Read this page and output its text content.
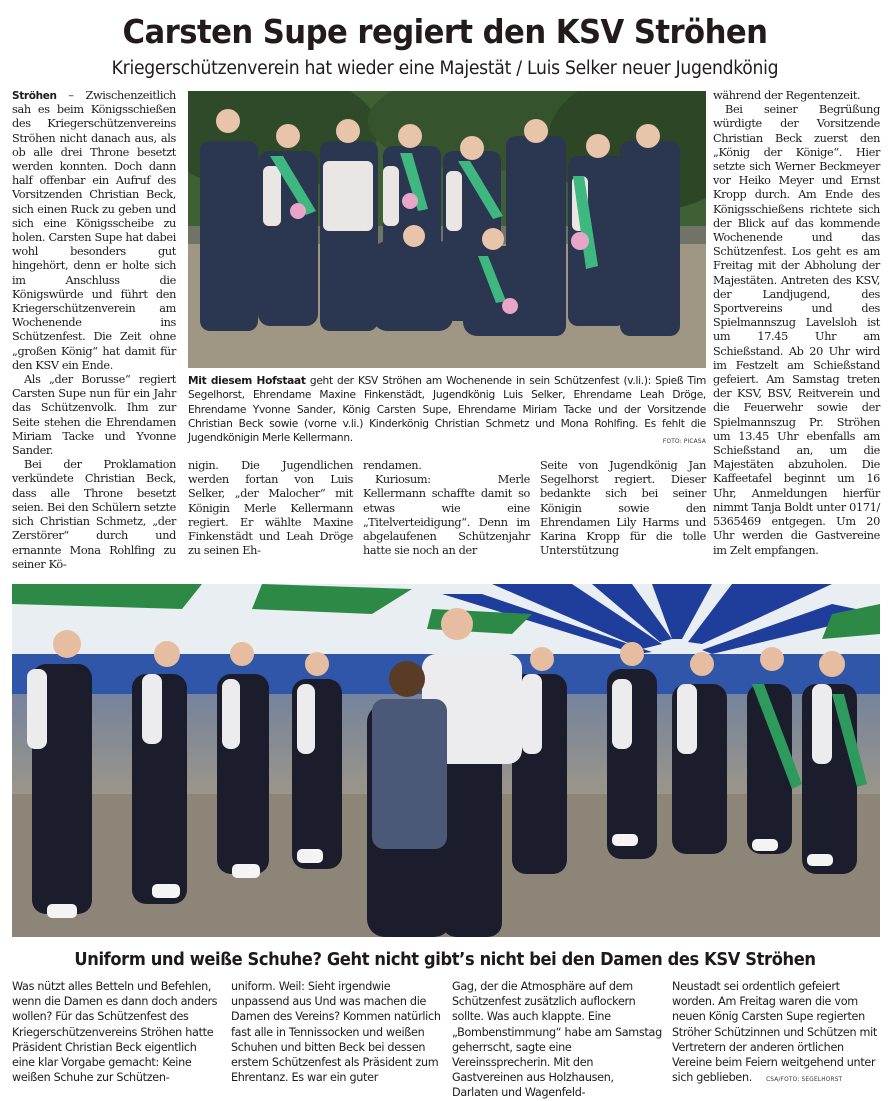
Carsten Supe regiert den KSV Ströhen
Kriegerschützenverein hat wieder eine Majestät / Luis Selker neuer Jugendkönig

Ströhen – Zwischenzeitlich sah es beim Königsschießen des Kriegerschützenvereins Ströhen nicht danach aus, als ob alle drei Throne besetzt werden konnten. Doch dann half offenbar ein Aufruf des Vorsitzenden Christian Beck, sich einen Ruck zu geben und sich eine Königsscheibe zu holen. Carsten Supe hat dabei wohl besonders gut hingehört, denn er holte sich im Anschluss die Königswürde und führt den Kriegerschützenverein am Wochenende ins Schützenfest. Die Zeit ohne „großen König“ hat damit für den KSV ein Ende.

Als „der Borusse“ regiert Carsten Supe nun für ein Jahr das Schützenvolk. Ihm zur Seite stehen die Ehrendamen Miriam Tacke und Yvonne Sander.

Bei der Proklamation verkündete Christian Beck, dass alle Throne besetzt seien. Bei den Schülern setzte sich Christian Schmetz, „der Zerstörer“ durch und ernannte Mona Rohlfing zu seiner Kö-

Mit diesem Hofstaat geht der KSV Ströhen am Wochenende in sein Schützenfest (v.li.): Spieß Tim Segelhorst, Ehrendame Maxine Finkenstädt, Jugendkönig Luis Selker, Ehrendame Leah Dröge, Ehrendame Yvonne Sander, König Carsten Supe, Ehrendame Miriam Tacke und der Vorsitzende Christian Beck sowie (vorne v.li.) Kinderkönig Christian Schmetz und Mona Rohlfing. Es fehlt die Jugendkönigin Merle Kellermann.	FOTO: PICASA

nigin. Die Jugendlichen werden fortan von Luis Selker, „der Malocher“ mit Königin Merle Kellermann regiert. Er wählte Maxine Finkenstädt und Leah Dröge zu seinen Eh-

rendamen.

Kuriosum: Merle Kellermann schaffte damit so etwas wie eine „Titelverteidigung“. Denn im abgelaufenen Schützenjahr hatte sie noch an der

Seite von Jugendkönig Jan Segelhorst regiert. Dieser bedankte sich bei seiner Königin sowie den Ehrendamen Lily Harms und Karina Kropp für die tolle Unterstützung

während der Regentenzeit.

Bei seiner Begrüßung würdigte der Vorsitzende Christian Beck zuerst den „König der Könige“. Hier setzte sich Werner Beckmeyer vor Heiko Meyer und Ernst Kropp durch. Am Ende des Königsschießens richtete sich der Blick auf das kommende Wochenende und das Schützenfest. Los geht es am Freitag mit der Abholung der Majestäten. Antreten des KSV, der Landjugend, des Sportvereins und des Spielmannszug Lavelsloh ist um 17.45 Uhr am Schießstand. Ab 20 Uhr wird im Festzelt am Schießstand gefeiert. Am Samstag treten der KSV, BSV, Reitverein und die Feuerwehr sowie der Spielmannszug Pr. Ströhen um 13.45 Uhr ebenfalls am Schießstand an, um die Majestäten abzuholen. Die Kaffeetafel beginnt um 16 Uhr, Anmeldungen hierfür nimmt Tanja Boldt unter 0171/ 5365469 entgegen. Um 20 Uhr werden die Gastvereine im Zelt empfangen.

Uniform und weiße Schuhe? Geht nicht gibt’s nicht bei den Damen des KSV Ströhen
Was nützt alles Betteln und Befehlen, wenn die Damen es dann doch anders wollen? Für das Schützenfest des Kriegerschützenvereins Ströhen hatte Präsident Christian Beck eigentlich eine klar Vorgabe gemacht: Keine weißen Schuhe zur Schützen-
uniform. Weil: Sieht irgendwie unpassend aus Und was machen die Damen des Vereins? Kommen natürlich fast alle in Tennissocken und weißen Schuhen und bitten Beck bei dessen erstem Schützenfest als Präsident zum Ehrentanz. Es war ein guter
Gag, der die Atmosphäre auf dem Schützenfest zusätzlich auflockern sollte. Was auch klappte. Eine „Bombenstimmung“ habe am Samstag geherrscht, sagte eine Vereinssprecherin. Mit den Gastvereinen aus Holzhausen, Darlaten und Wagenfeld-
Neustadt sei ordentlich gefeiert worden. Am Freitag waren die vom neuen König Carsten Supe regierten Ströher Schützinnen und Schützen mit Vertretern der anderen örtlichen Vereine beim Feiern weitgehend unter sich geblieben. CSA/FOTO: SEGELHORST
